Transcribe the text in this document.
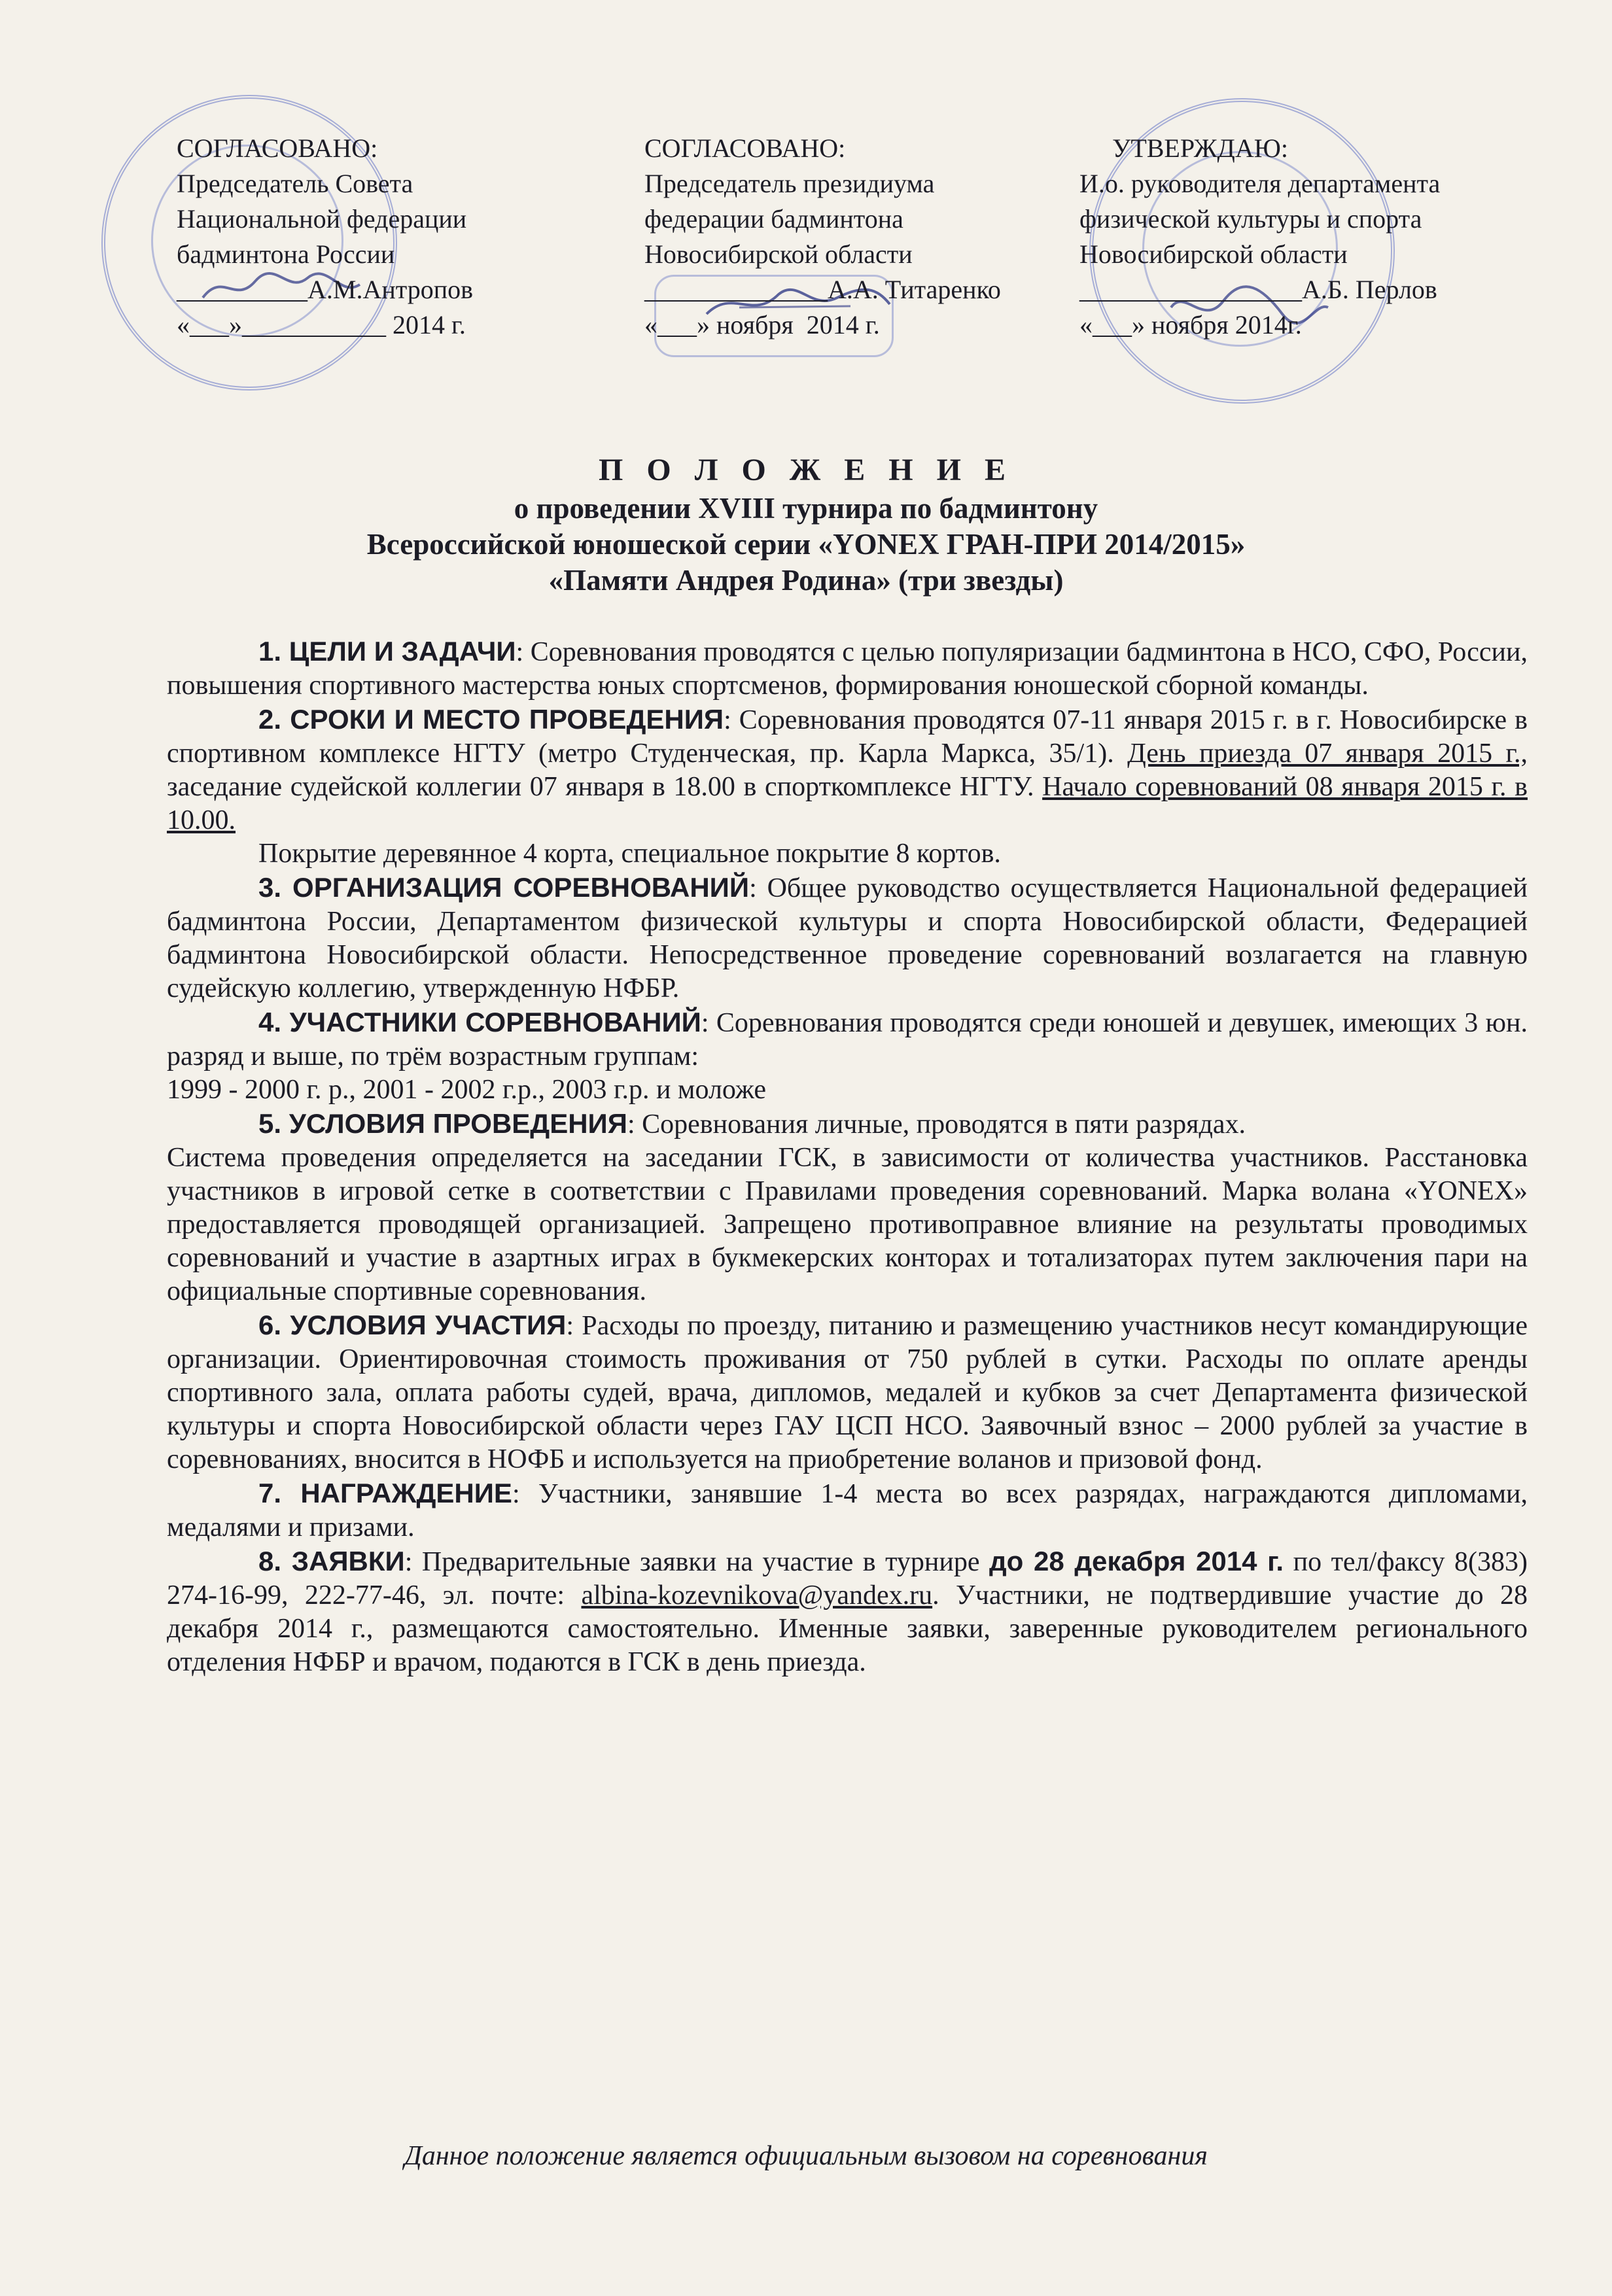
СОГЛАСОВАНО:
Председатель Совета
Национальной федерации
бадминтона России
__________А.М.Антропов
«___»___________ 2014 г.
СОГЛАСОВАНО:
Председатель президиума
федерации бадминтона
Новосибирской области
______________А.А. Титаренко
«___» ноября  2014 г.
УТВЕРЖДАЮ:
И.о. руководителя департамента
физической культуры и спорта
Новосибирской области
_________________А.Б. Перлов
«___» ноября 2014г.
П О Л О Ж Е Н И Е
о проведении XVIII турнира по бадминтону
Всероссийской юношеской серии «YONEX ГРАН-ПРИ 2014/2015»
«Памяти Андрея Родина» (три звезды)

1. ЦЕЛИ И ЗАДАЧИ: Соревнования проводятся с целью популяризации бадминтона в НСО, СФО, России, повышения спортивного мастерства юных спортсменов, формирования юношеской сборной команды.

2. СРОКИ И МЕСТО ПРОВЕДЕНИЯ: Соревнования проводятся 07-11 января 2015 г. в г. Новосибирске в спортивном комплексе НГТУ (метро Студенческая, пр. Карла Маркса, 35/1). День приезда 07 января 2015 г., заседание судейской коллегии 07 января в 18.00 в спорткомплексе НГТУ. Начало соревнований 08 января 2015 г. в 10.00.

Покрытие деревянное 4 корта, специальное покрытие 8 кортов.

3. ОРГАНИЗАЦИЯ СОРЕВНОВАНИЙ: Общее руководство осуществляется Национальной федерацией бадминтона России, Департаментом физической культуры и спорта Новосибирской области, Федерацией бадминтона Новосибирской области. Непосредственное проведение соревнований возлагается на главную судейскую коллегию, утвержденную НФБР.

4. УЧАСТНИКИ СОРЕВНОВАНИЙ: Соревнования проводятся среди юношей и девушек, имеющих 3 юн. разряд и выше, по трём возрастным группам:

1999 - 2000 г. р., 2001 - 2002 г.р., 2003 г.р. и моложе

5. УСЛОВИЯ ПРОВЕДЕНИЯ: Соревнования личные, проводятся в пяти разрядах.

Система проведения определяется на заседании ГСК, в зависимости от количества участников. Расстановка участников в игровой сетке в соответствии с Правилами проведения соревнований. Марка волана «YONEX» предоставляется проводящей организацией. Запрещено противоправное влияние на результаты проводимых соревнований и участие в азартных играх в букмекерских конторах и тотализаторах путем заключения пари на официальные спортивные соревнования.

6. УСЛОВИЯ УЧАСТИЯ: Расходы по проезду, питанию и размещению участников несут командирующие организации. Ориентировочная стоимость проживания от 750 рублей в сутки. Расходы по оплате аренды спортивного зала, оплата работы судей, врача, дипломов, медалей и кубков за счет Департамента физической культуры и спорта Новосибирской области через ГАУ ЦСП НСО. Заявочный взнос – 2000 рублей за участие в соревнованиях, вносится в НОФБ и используется на приобретение воланов и призовой фонд.

7. НАГРАЖДЕНИЕ: Участники, занявшие 1-4 места во всех разрядах, награждаются дипломами, медалями и призами.

8. ЗАЯВКИ: Предварительные заявки на участие в турнире до 28 декабря 2014 г. по тел/факсу 8(383) 274-16-99, 222-77-46, эл. почте: albina-kozevnikova@yandex.ru. Участники, не подтвердившие участие до 28 декабря 2014 г., размещаются самостоятельно. Именные заявки, заверенные руководителем регионального отделения НФБР и врачом, подаются в ГСК в день приезда.

Данное положение является официальным вызовом на соревнования
